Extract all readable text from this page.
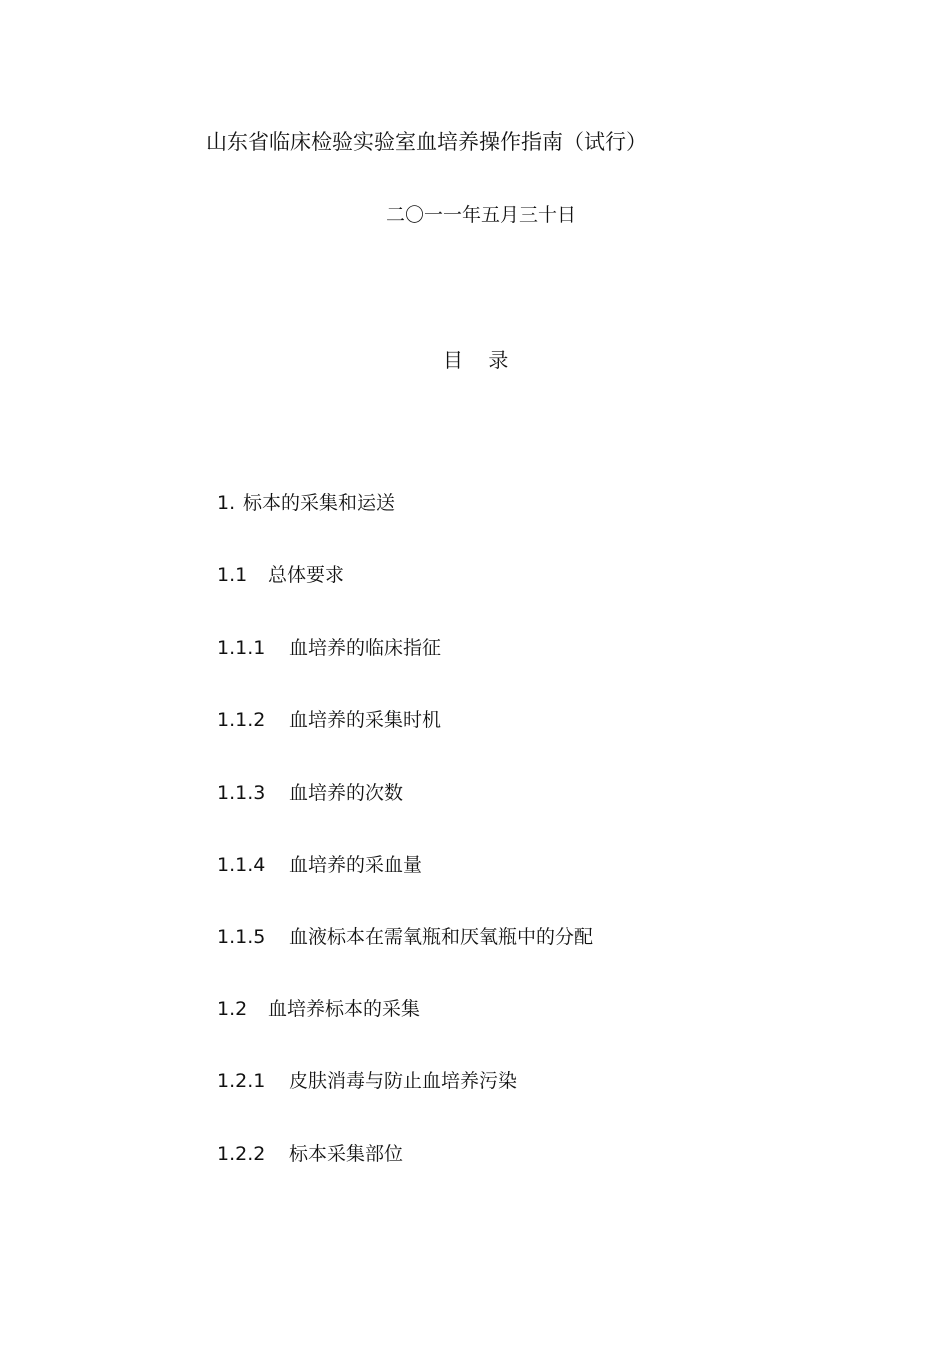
山东省临床检验实验室血培养操作指南（试行）
二〇一一年五月三十日
目    录
1. 标本的采集和运送
1.1	总体要求
1.1.1	血培养的临床指征
1.1.2	血培养的采集时机
1.1.3	血培养的次数
1.1.4	血培养的采血量
1.1.5	血液标本在需氧瓶和厌氧瓶中的分配
1.2	血培养标本的采集
1.2.1	皮肤消毒与防止血培养污染
1.2.2	标本采集部位
